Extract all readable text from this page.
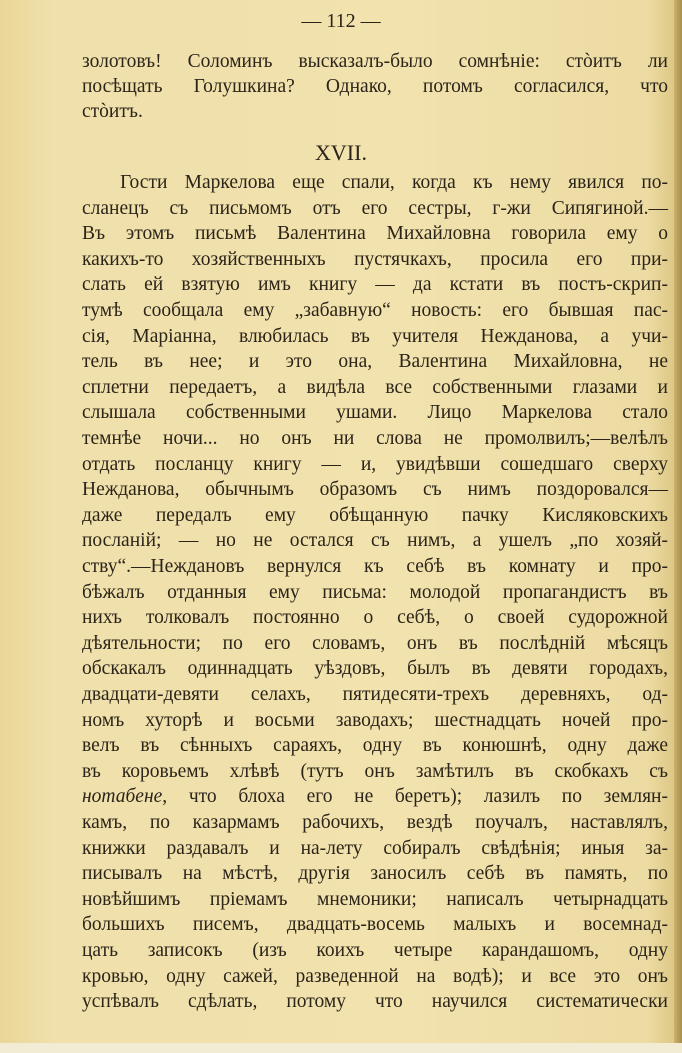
— 112 —
золотовъ! Соломинъ высказалъ-было сомнѣніе: стòитъ ли
посѣщать Голушкина? Однако, потомъ согласился, что
стòитъ.
XVII.
Гости Маркелова еще спали, когда къ нему явился по-
сланецъ съ письмомъ отъ его сестры, г-жи Сипягиной.—
Въ этомъ письмѣ Валентина Михайловна говорила ему о
какихъ-то хозяйственныхъ пустячкахъ, просила его при-
слать ей взятую имъ книгу — да кстати въ постъ-скрип-
тумѣ сообщала ему „забавную“ новость: его бывшая пас-
сія, Маріанна, влюбилась въ учителя Нежданова, а учи-
тель въ нее; и это она, Валентина Михайловна, не
сплетни передаетъ, а видѣла все собственными глазами и
слышала собственными ушами. Лицо Маркелова стало
темнѣе ночи... но онъ ни слова не промолвилъ;—велѣлъ
отдать посланцу книгу — и, увидѣвши сошедшаго сверху
Нежданова, обычнымъ образомъ съ нимъ поздоровался—
даже передалъ ему обѣщанную пачку Кисляковскихъ
посланій; — но не остался съ нимъ, а ушелъ „по хозяй-
ству“.—Неждановъ вернулся къ себѣ въ комнату и про-
бѣжалъ отданныя ему письма: молодой пропагандистъ въ
нихъ толковалъ постоянно о себѣ, о своей судорожной
дѣятельности; по его словамъ, онъ въ послѣдній мѣсяцъ
обскакалъ одиннадцать уѣздовъ, былъ въ девяти городахъ,
двадцати-девяти селахъ, пятидесяти-трехъ деревняхъ, од-
номъ хуторѣ и восьми заводахъ; шестнадцать ночей про-
велъ въ сѣнныхъ сараяхъ, одну въ конюшнѣ, одну даже
въ коровьемъ хлѣвѣ (тутъ онъ замѣтилъ въ скобкахъ съ
нотабене, что блоха его не беретъ); лазилъ по землян-
камъ, по казармамъ рабочихъ, вездѣ поучалъ, наставлялъ,
книжки раздавалъ и на-лету собиралъ свѣдѣнія; иныя за-
писывалъ на мѣстѣ, другія заносилъ себѣ въ память, по
новѣйшимъ пріемамъ мнемоники; написалъ четырнадцать
большихъ писемъ, двадцать-восемь малыхъ и восемнад-
цать записокъ (изъ коихъ четыре карандашомъ, одну
кровью, одну сажей, разведенной на водѣ); и все это онъ
успѣвалъ сдѣлать, потому что научился систематически
